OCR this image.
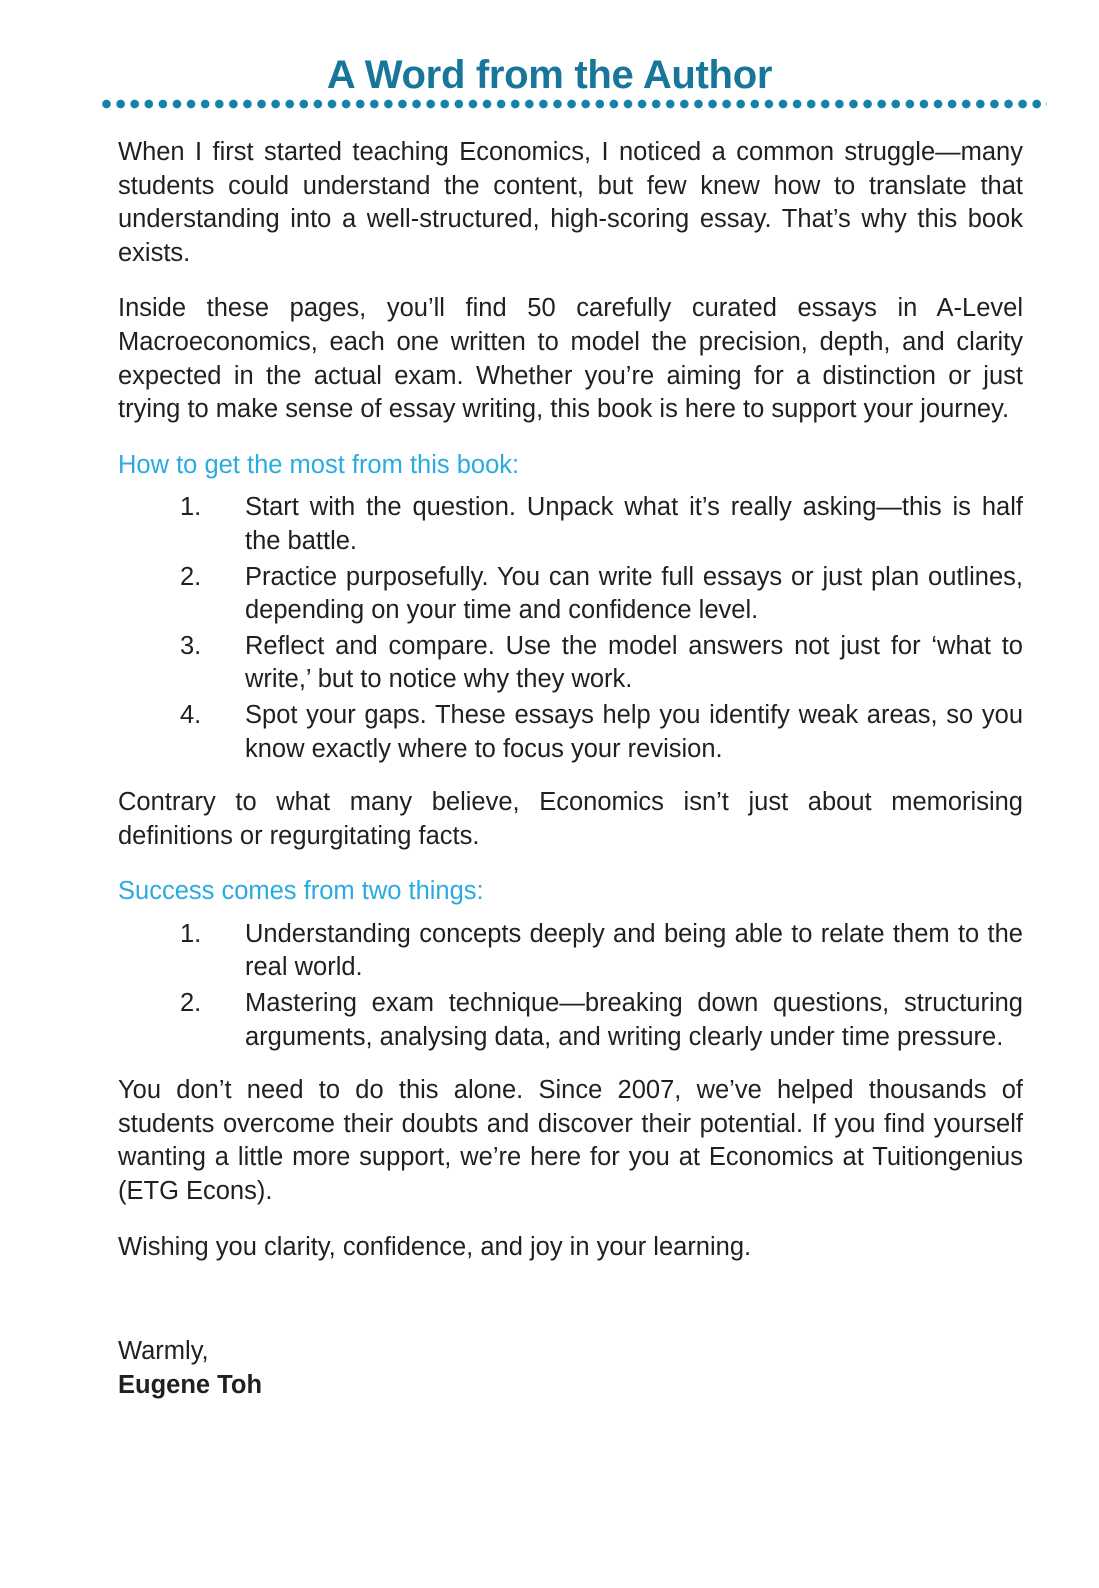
A Word from the Author

When I first started teaching Economics, I noticed a common struggle—many students could understand the content, but few knew how to translate that understanding into a well-structured, high-scoring essay. That’s why this book exists.

Inside these pages, you’ll find 50 carefully curated essays in A-Level Macroeconomics, each one written to model the precision, depth, and clarity expected in the actual exam. Whether you’re aiming for a distinction or just trying to make sense of essay writing, this book is here to support your journey.

How to get the most from this book:
1.	Start with the question. Unpack what it’s really asking—this is half the battle.
2.	Practice purposefully. You can write full essays or just plan outlines, depending on your time and confidence level.
3.	Reflect and compare. Use the model answers not just for ‘what to write,’ but to notice why they work.
4.	Spot your gaps. These essays help you identify weak areas, so you know exactly where to focus your revision.

Contrary to what many believe, Economics isn’t just about memorising definitions or regurgitating facts.

Success comes from two things:
1.	Understanding concepts deeply and being able to relate them to the real world.
2.	Mastering exam technique—breaking down questions, structuring arguments, analysing data, and writing clearly under time pressure.

You don’t need to do this alone. Since 2007, we’ve helped thousands of students overcome their doubts and discover their potential. If you find yourself wanting a little more support, we’re here for you at Economics at Tuitiongenius (ETG Econs).

Wishing you clarity, confidence, and joy in your learning.

Warmly,

Eugene Toh
